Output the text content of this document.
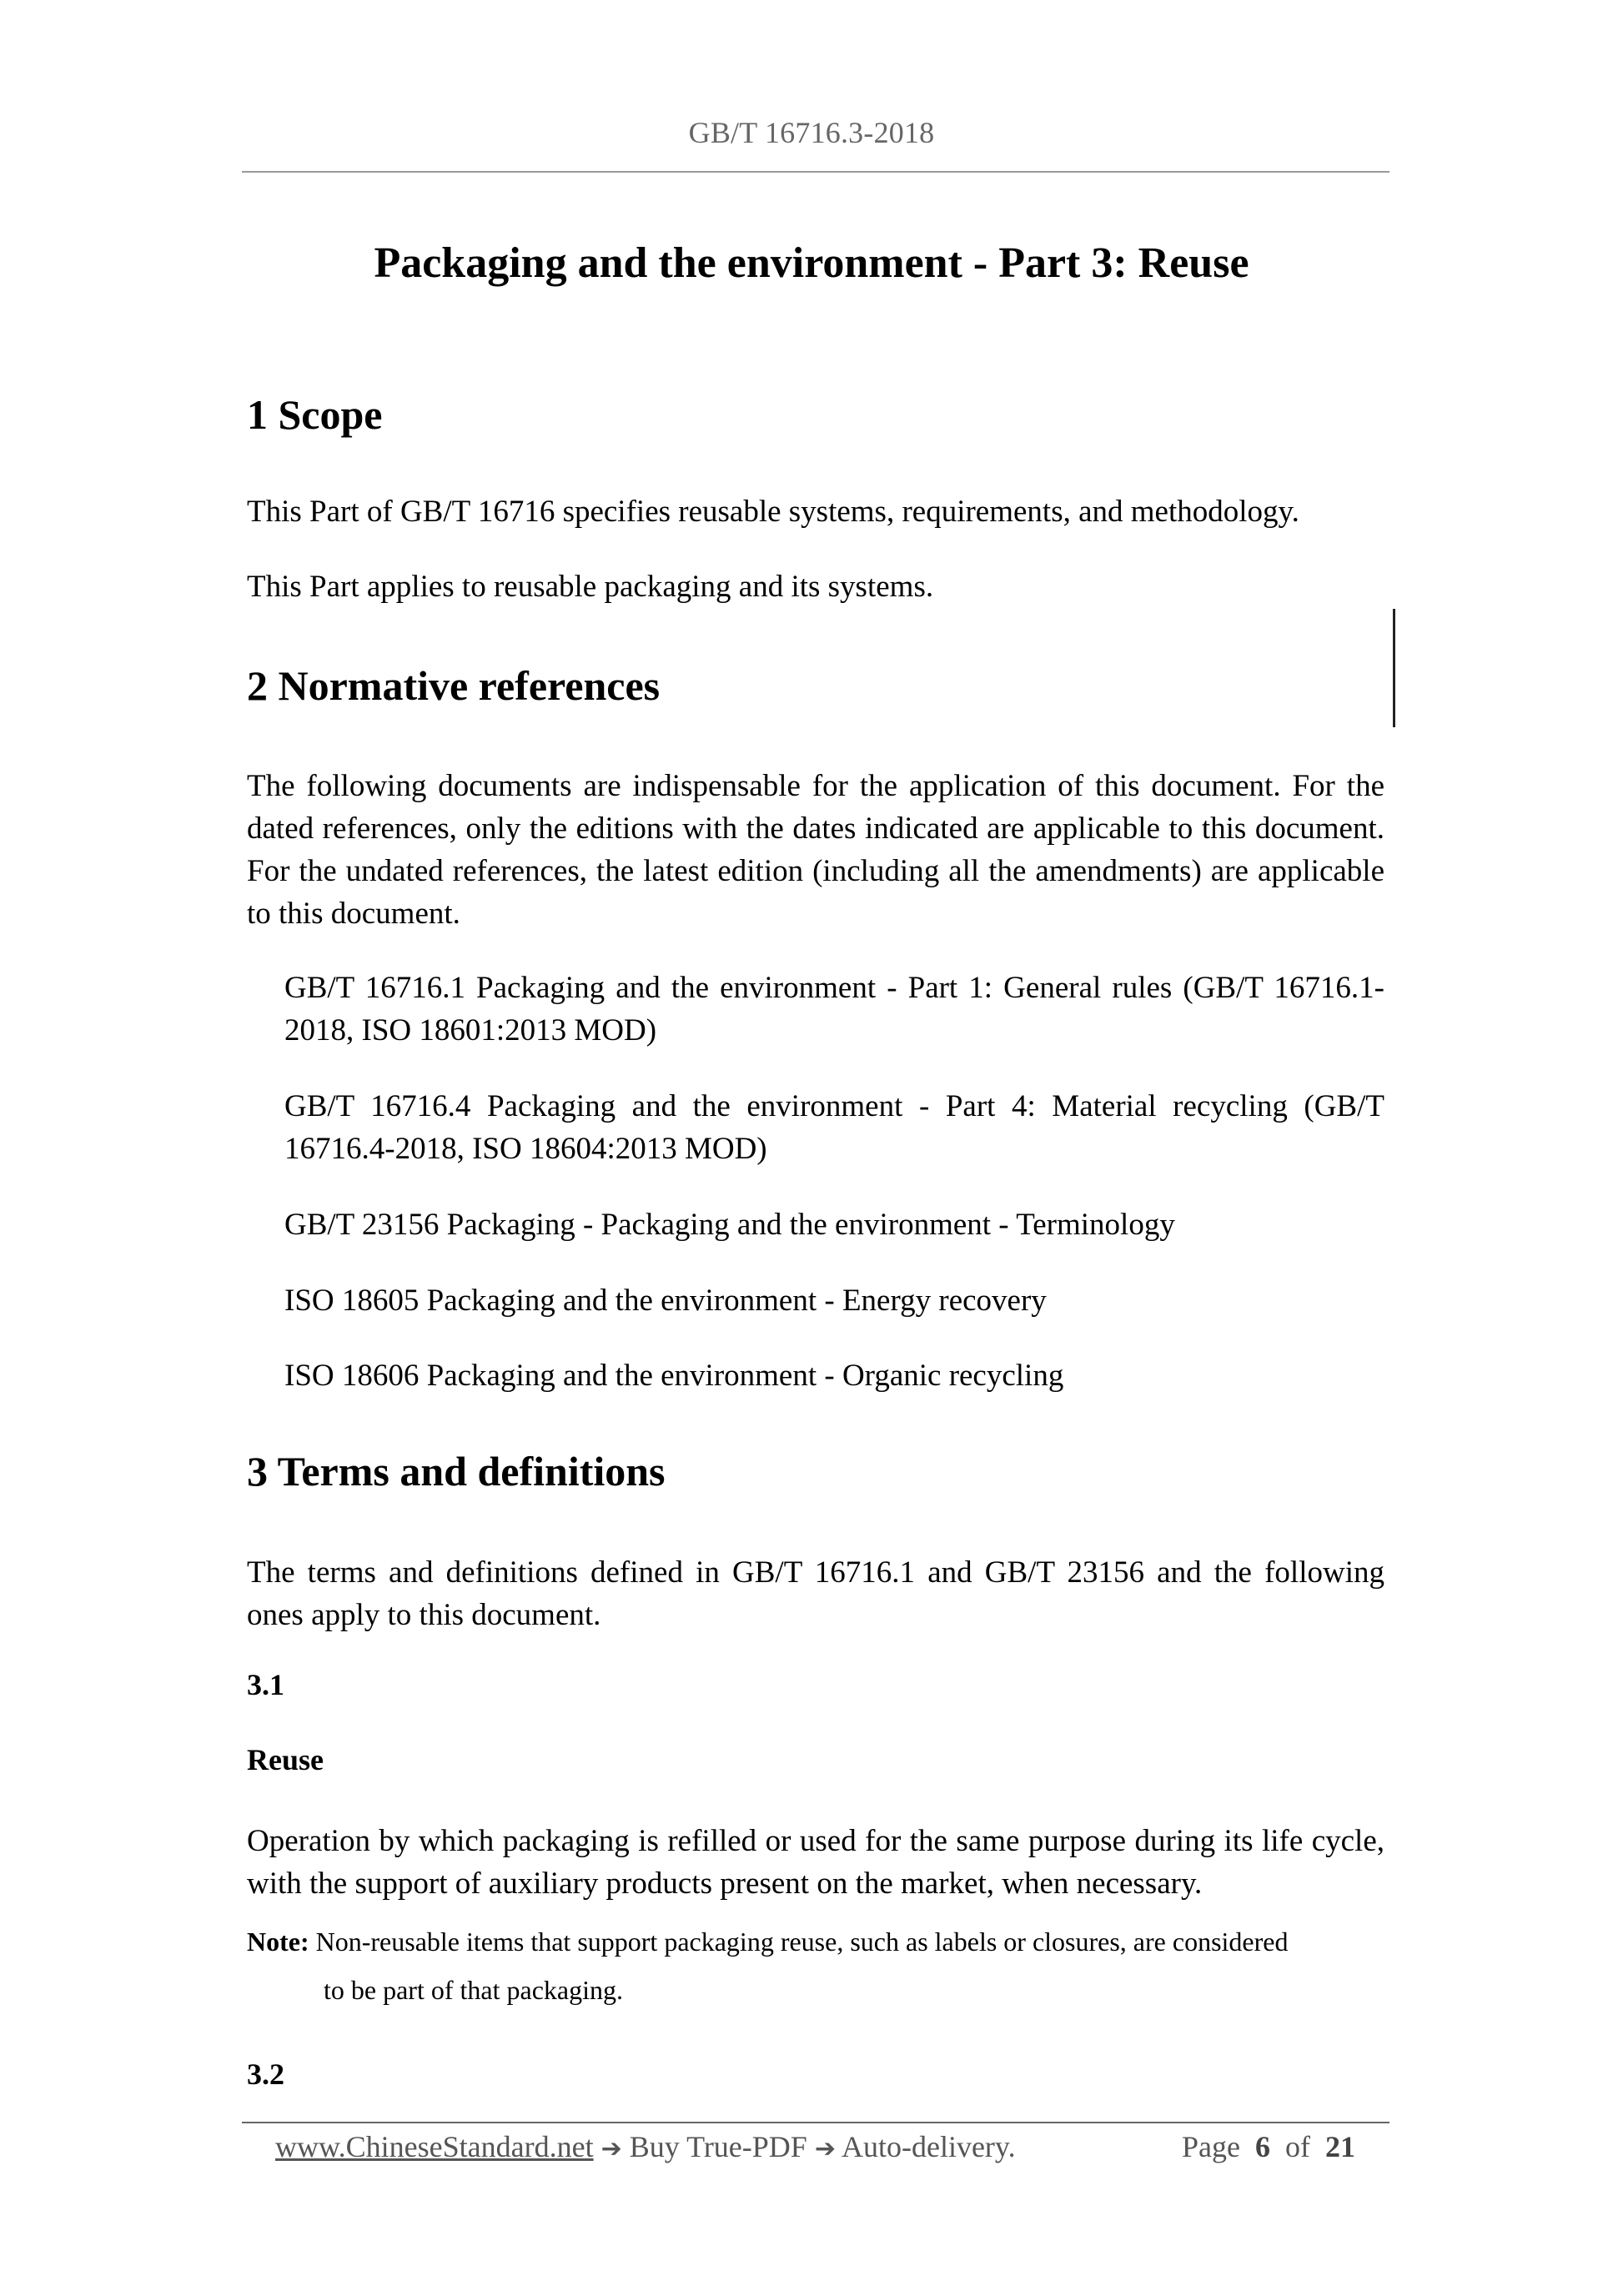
GB/T 16716.3-2018
Packaging and the environment - Part 3: Reuse
1 Scope
This Part of GB/T 16716 specifies reusable systems, requirements, and methodology.
This Part applies to reusable packaging and its systems.
2 Normative references
The following documents are indispensable for the application of this document. For the dated references, only the editions with the dates indicated are applicable to this document. For the undated references, the latest edition (including all the amendments) are applicable to this document.
GB/T 16716.1 Packaging and the environment - Part 1: General rules (GB/T 16716.1-2018, ISO 18601:2013 MOD)
GB/T 16716.4 Packaging and the environment - Part 4: Material recycling (GB/T 16716.4-2018, ISO 18604:2013 MOD)
GB/T 23156 Packaging - Packaging and the environment - Terminology
ISO 18605 Packaging and the environment - Energy recovery
ISO 18606 Packaging and the environment - Organic recycling
3 Terms and definitions
The terms and definitions defined in GB/T 16716.1 and GB/T 23156 and the following ones apply to this document.
3.1
Reuse
Operation by which packaging is refilled or used for the same purpose during its life cycle, with the support of auxiliary products present on the market, when necessary.
Note: Non-reusable items that support packaging reuse, such as labels or closures, are considered
to be part of that packaging.
3.2
www.ChineseStandard.net ➔ Buy True-PDF ➔ Auto-delivery.	Page 6 of 21
